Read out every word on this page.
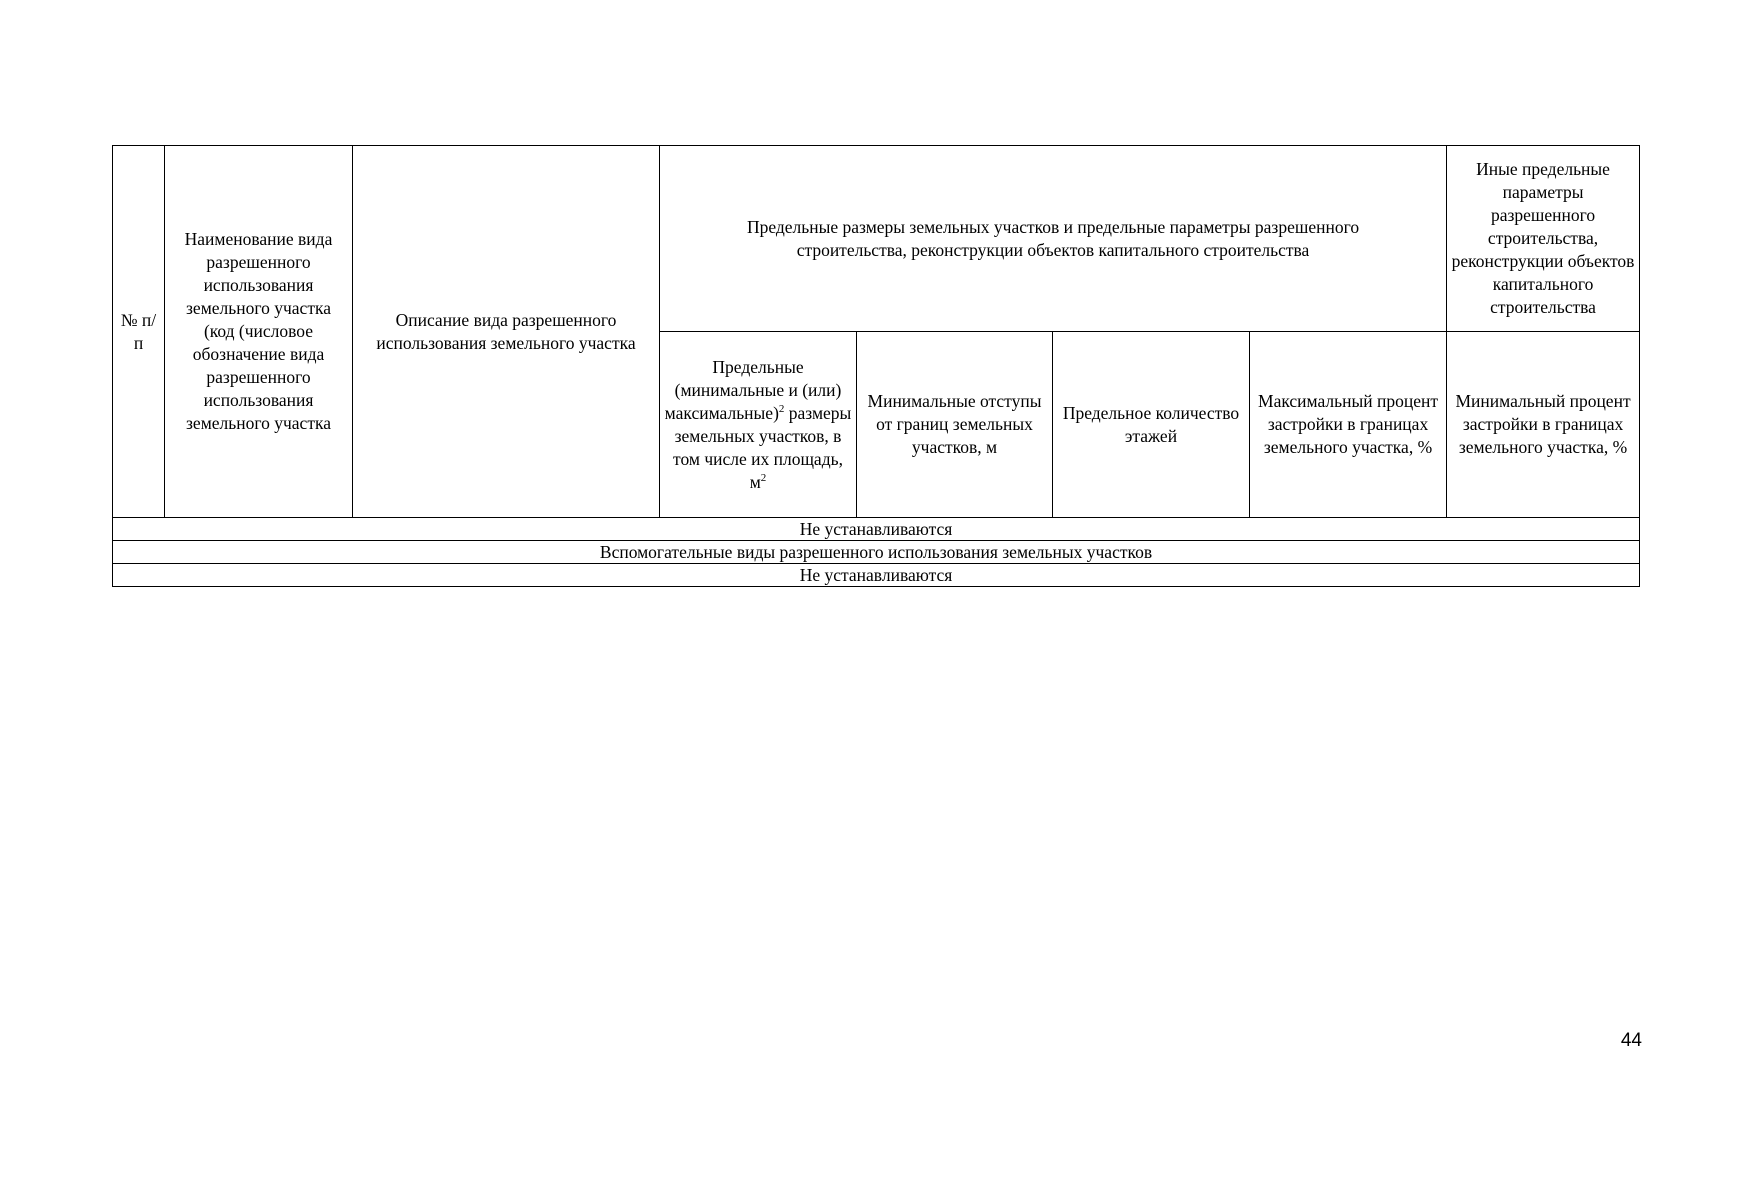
№ п/п	Наименование вида разрешенного использования земельного участка (код (числовое обозначение вида разрешенного использования земельного участка	Описание вида разрешенного использования земельного участка	Предельные размеры земельных участков и предельные параметры разрешенного строительства, реконструкции объектов капитального строительства				Иные предельные параметры разрешенного строительства, реконструкции объектов капитального строительства
			Предельные (минимальные и (или) максимальные)$^2$ размеры земельных участков, в том числе их площадь, $м^2$	Минимальные отступы от границ земельных участков, м	Предельное количество этажей	Максимальный процент застройки в границах земельного участка, %	Минимальный процент застройки в границах земельного участка, %
Не устанавливаются							
Вспомогательные виды разрешенного использования земельных участков							
Не устанавливаются							
44
